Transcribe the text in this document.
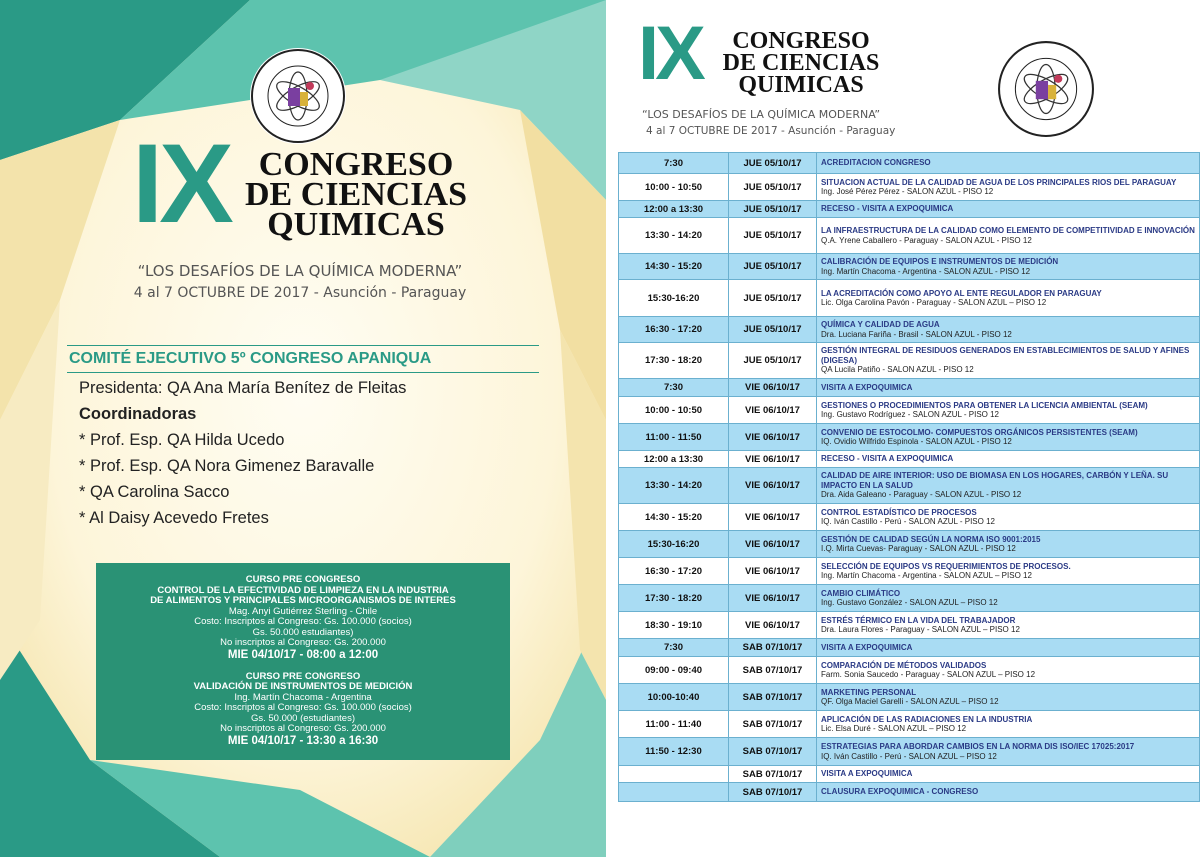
IX CONGRESO
DE CIENCIAS
QUIMICAS
“LOS DESAFÍOS DE LA QUÍMICA MODERNA”
4 al 7 OCTUBRE DE 2017 - Asunción - Paraguay
COMITÉ EJECUTIVO 5º CONGRESO APANIQUA
Presidenta: QA Ana María Benítez de Fleitas
Coordinadoras
* Prof. Esp. QA Hilda Ucedo
* Prof. Esp. QA Nora Gimenez Baravalle
* QA Carolina Sacco
* Al Daisy Acevedo Fretes
CURSO PRE CONGRESO
CONTROL DE LA EFECTIVIDAD DE LIMPIEZA EN LA INDUSTRIA
DE ALIMENTOS Y PRINCIPALES MICROORGANISMOS DE INTERES
Mag. Anyi Gutiérrez Sterling - Chile
Costo: Inscriptos al Congreso: Gs. 100.000 (socios)
Gs. 50.000 estudiantes)
No inscriptos al Congreso: Gs. 200.000
MIE 04/10/17 - 08:00 a 12:00
CURSO PRE CONGRESO
VALIDACIÓN DE INSTRUMENTOS DE MEDICIÓN
Ing. Martín Chacoma - Argentina
Costo: Inscriptos al Congreso: Gs. 100.000 (socios)
Gs. 50.000 (estudiantes)
No inscriptos al Congreso: Gs. 200.000
MIE 04/10/17 - 13:30 a 16:30
IX	CONGRESO
DE CIENCIAS
QUIMICAS
“LOS DESAFÍOS DE LA QUÍMICA MODERNA”
4 al 7 OCTUBRE DE 2017 - Asunción - Paraguay
7:30	JUE 05/10/17	ACREDITACION CONGRESO

10:00 - 10:50	JUE 05/10/17	SITUACION ACTUAL DE LA CALIDAD DE AGUA DE LOS PRINCIPALES RIOS DEL PARAGUAY
Ing. José Pérez Pérez - SALON AZUL - PISO 12

12:00 a 13:30	JUE 05/10/17	RECESO - VISITA A EXPOQUIMICA

13:30 - 14:20	JUE 05/10/17	LA INFRAESTRUCTURA DE LA CALIDAD COMO ELEMENTO DE COMPETITIVIDAD E INNOVACIÓN
Q.A. Yrene Caballero - Paraguay - SALON AZUL - PISO 12

14:30 - 15:20	JUE 05/10/17	CALIBRACIÓN DE EQUIPOS E INSTRUMENTOS DE MEDICIÓN
Ing. Martín Chacoma - Argentina - SALON AZUL - PISO 12

15:30-16:20	JUE 05/10/17	LA ACREDITACIÓN COMO APOYO AL ENTE REGULADOR EN PARAGUAY
Lic. Olga Carolina Pavón - Paraguay - SALON AZUL – PISO 12

16:30 - 17:20	JUE 05/10/17	QUÍMICA Y CALIDAD DE AGUA
Dra. Luciana Fariña - Brasil - SALON AZUL - PISO 12

17:30 - 18:20	JUE 05/10/17	GESTIÓN INTEGRAL DE RESIDUOS GENERADOS EN ESTABLECIMIENTOS DE SALUD Y AFINES (DIGESA)
QA Lucila Patiño - SALON AZUL - PISO 12

7:30	VIE 06/10/17	VISITA A EXPOQUIMICA

10:00 - 10:50	VIE 06/10/17	GESTIONES O PROCEDIMIENTOS PARA OBTENER LA LICENCIA AMBIENTAL (SEAM)
Ing. Gustavo Rodríguez - SALON AZUL - PISO 12

11:00 - 11:50	VIE 06/10/17	CONVENIO DE ESTOCOLMO- COMPUESTOS ORGÁNICOS PERSISTENTES (SEAM)
IQ. Ovidio Wilfrido Espinola - SALON AZUL - PISO 12

12:00 a 13:30	VIE 06/10/17	RECESO - VISITA A EXPOQUIMICA

13:30 - 14:20	VIE 06/10/17	CALIDAD DE AIRE INTERIOR: USO DE BIOMASA EN LOS HOGARES, CARBÓN Y LEÑA. SU IMPACTO EN LA SALUD
Dra. Aida Galeano - Paraguay - SALON AZUL - PISO 12

14:30 - 15:20	VIE 06/10/17	CONTROL ESTADÍSTICO DE PROCESOS
IQ. Iván Castillo - Perú - SALON AZUL - PISO 12

15:30-16:20	VIE 06/10/17	GESTIÓN DE CALIDAD SEGÚN LA NORMA ISO 9001:2015
I.Q. Mirta Cuevas- Paraguay - SALON AZUL - PISO 12

16:30 - 17:20	VIE 06/10/17	SELECCIÓN DE EQUIPOS VS REQUERIMIENTOS DE PROCESOS.
Ing. Martín Chacoma - Argentina - SALON AZUL – PISO 12

17:30 - 18:20	VIE 06/10/17	CAMBIO CLIMÁTICO
Ing. Gustavo González - SALON AZUL – PISO 12

18:30 - 19:10	VIE 06/10/17	ESTRÉS TÉRMICO EN LA VIDA DEL TRABAJADOR
Dra. Laura Flores - Paraguay - SALON AZUL – PISO 12

7:30	SAB 07/10/17	VISITA A EXPOQUIMICA

09:00 - 09:40	SAB 07/10/17	COMPARACIÓN DE MÉTODOS VALIDADOS
Farm. Sonia Saucedo - Paraguay - SALON AZUL – PISO 12

10:00-10:40	SAB 07/10/17	MARKETING PERSONAL
QF. Olga Maciel Garelli - SALON AZUL – PISO 12

11:00 - 11:40	SAB 07/10/17	APLICACIÓN DE LAS RADIACIONES EN LA INDUSTRIA
Lic. Elsa Duré - SALON AZUL – PISO 12

11:50 - 12:30	SAB 07/10/17	ESTRATEGIAS PARA ABORDAR CAMBIOS EN LA NORMA DIS ISO/IEC 17025:2017
IQ. Iván Castillo - Perú - SALON AZUL – PISO 12

	SAB 07/10/17	VISITA A EXPOQUIMICA

	SAB 07/10/17	CLAUSURA EXPOQUIMICA - CONGRESO
